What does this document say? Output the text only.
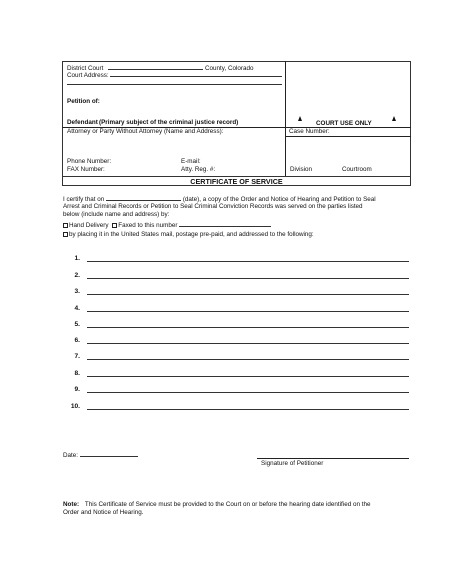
District Court	County, Colorado
Court Address:
Petition of:
Defendant (Primary subject of the criminal justice record)	COURT USE ONLY
Attorney or Party Without Attorney (Name and Address):	Case Number:
Phone Number:	E-mail:
FAX Number:	Atty. Reg. #:	Division	Courtroom
CERTIFICATE OF SERVICE
I certify that on	(date), a copy of the Order and Notice of Hearing and Petition to Seal
Arrest and Criminal Records or Petition to Seal Criminal Conviction Records was served on the parties listed
below (include name and address) by:
Hand Delivery Faxed to this number
by placing it in the United States mail, postage pre-paid, and addressed to the following:
1.
2.
3.
4.
5.
6.
7.
8.
9.
10.
Date:
Signature of Petitioner
Note: This Certificate of Service must be provided to the Court on or before the hearing date identified on the
Order and Notice of Hearing.
